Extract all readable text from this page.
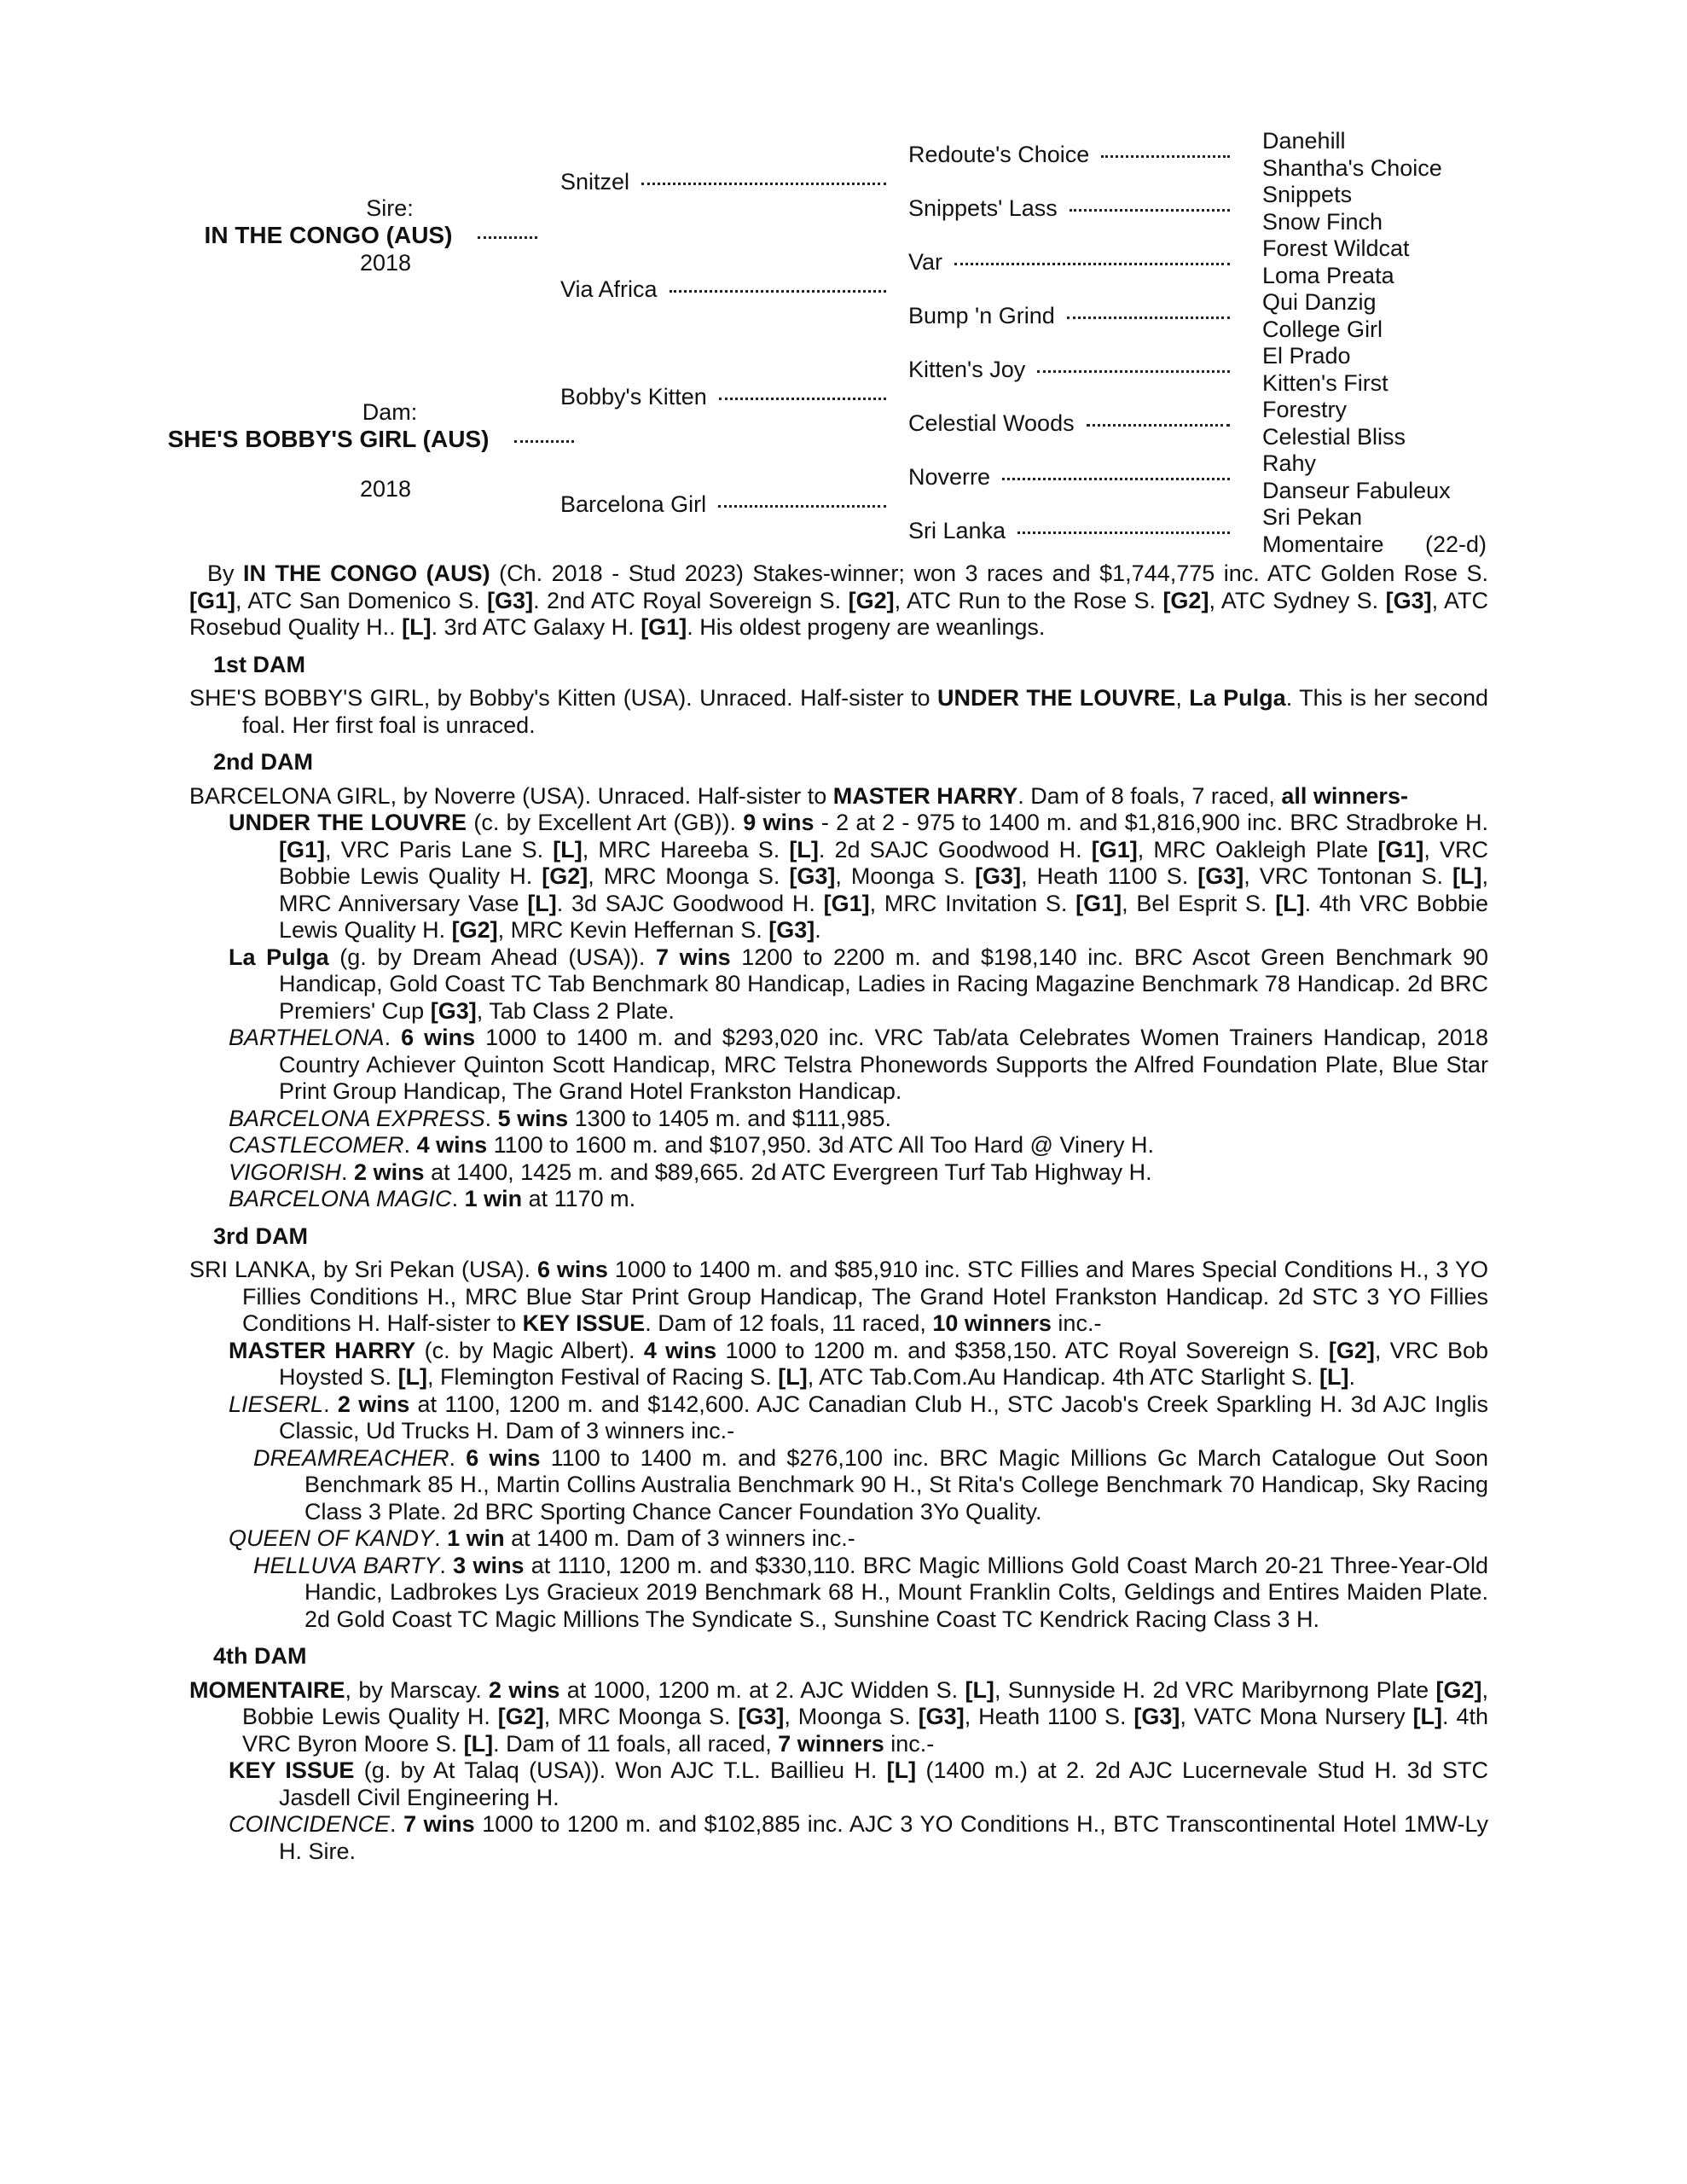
Sire:
IN THE CONGO (AUS)
2018
Dam:
SHE'S BOBBY'S GIRL (AUS)
2018
Snitzel
Via Africa
Bobby's Kitten
Barcelona Girl
Redoute's Choice
Snippets' Lass
Var
Bump 'n Grind
Kitten's Joy
Celestial Woods
Noverre
Sri Lanka
Danehill
Shantha's Choice
Snippets
Snow Finch
Forest Wildcat
Loma Preata
Qui Danzig
College Girl
El Prado
Kitten's First
Forestry
Celestial Bliss
Rahy
Danseur Fabuleux
Sri Pekan
Momentaire (22-d)

By IN THE CONGO (AUS) (Ch. 2018 - Stud 2023) Stakes-winner; won 3 races and $1,744,775 inc. ATC Golden Rose S. [G1], ATC San Domenico S. [G3]. 2nd ATC Royal Sovereign S. [G2], ATC Run to the Rose S. [G2], ATC Sydney S. [G3], ATC Rosebud Quality H.. [L]. 3rd ATC Galaxy H. [G1]. His oldest progeny are weanlings.

1st DAM

SHE'S BOBBY'S GIRL, by Bobby's Kitten (USA). Unraced. Half-sister to UNDER THE LOUVRE, La Pulga. This is her second foal. Her first foal is unraced.

2nd DAM

BARCELONA GIRL, by Noverre (USA). Unraced. Half-sister to MASTER HARRY. Dam of 8 foals, 7 raced, all winners-

UNDER THE LOUVRE (c. by Excellent Art (GB)). 9 wins - 2 at 2 - 975 to 1400 m. and $1,816,900 inc. BRC Stradbroke H. [G1], VRC Paris Lane S. [L], MRC Hareeba S. [L]. 2d SAJC Goodwood H. [G1], MRC Oakleigh Plate [G1], VRC Bobbie Lewis Quality H. [G2], MRC Moonga S. [G3], Moonga S. [G3], Heath 1100 S. [G3], VRC Tontonan S. [L], MRC Anniversary Vase [L]. 3d SAJC Goodwood H. [G1], MRC Invitation S. [G1], Bel Esprit S. [L]. 4th VRC Bobbie Lewis Quality H. [G2], MRC Kevin Heffernan S. [G3].

La Pulga (g. by Dream Ahead (USA)). 7 wins 1200 to 2200 m. and $198,140 inc. BRC Ascot Green Benchmark 90 Handicap, Gold Coast TC Tab Benchmark 80 Handicap, Ladies in Racing Magazine Benchmark 78 Handicap. 2d BRC Premiers' Cup [G3], Tab Class 2 Plate.

BARTHELONA. 6 wins 1000 to 1400 m. and $293,020 inc. VRC Tab/ata Celebrates Women Trainers Handicap, 2018 Country Achiever Quinton Scott Handicap, MRC Telstra Phonewords Supports the Alfred Foundation Plate, Blue Star Print Group Handicap, The Grand Hotel Frankston Handicap.

BARCELONA EXPRESS. 5 wins 1300 to 1405 m. and $111,985.

CASTLECOMER. 4 wins 1100 to 1600 m. and $107,950. 3d ATC All Too Hard @ Vinery H.

VIGORISH. 2 wins at 1400, 1425 m. and $89,665. 2d ATC Evergreen Turf Tab Highway H.

BARCELONA MAGIC. 1 win at 1170 m.

3rd DAM

SRI LANKA, by Sri Pekan (USA). 6 wins 1000 to 1400 m. and $85,910 inc. STC Fillies and Mares Special Conditions H., 3 YO Fillies Conditions H., MRC Blue Star Print Group Handicap, The Grand Hotel Frankston Handicap. 2d STC 3 YO Fillies Conditions H. Half-sister to KEY ISSUE. Dam of 12 foals, 11 raced, 10 winners inc.-

MASTER HARRY (c. by Magic Albert). 4 wins 1000 to 1200 m. and $358,150. ATC Royal Sovereign S. [G2], VRC Bob Hoysted S. [L], Flemington Festival of Racing S. [L], ATC Tab.Com.Au Handicap. 4th ATC Starlight S. [L].

LIESERL. 2 wins at 1100, 1200 m. and $142,600. AJC Canadian Club H., STC Jacob's Creek Sparkling H. 3d AJC Inglis Classic, Ud Trucks H. Dam of 3 winners inc.-

DREAMREACHER. 6 wins 1100 to 1400 m. and $276,100 inc. BRC Magic Millions Gc March Catalogue Out Soon Benchmark 85 H., Martin Collins Australia Benchmark 90 H., St Rita's College Benchmark 70 Handicap, Sky Racing Class 3 Plate. 2d BRC Sporting Chance Cancer Foundation 3Yo Quality.

QUEEN OF KANDY. 1 win at 1400 m. Dam of 3 winners inc.-

HELLUVA BARTY. 3 wins at 1110, 1200 m. and $330,110. BRC Magic Millions Gold Coast March 20-21 Three-Year-Old Handic, Ladbrokes Lys Gracieux 2019 Benchmark 68 H., Mount Franklin Colts, Geldings and Entires Maiden Plate. 2d Gold Coast TC Magic Millions The Syndicate S., Sunshine Coast TC Kendrick Racing Class 3 H.

4th DAM

MOMENTAIRE, by Marscay. 2 wins at 1000, 1200 m. at 2. AJC Widden S. [L], Sunnyside H. 2d VRC Maribyrnong Plate [G2], Bobbie Lewis Quality H. [G2], MRC Moonga S. [G3], Moonga S. [G3], Heath 1100 S. [G3], VATC Mona Nursery [L]. 4th VRC Byron Moore S. [L]. Dam of 11 foals, all raced, 7 winners inc.-

KEY ISSUE (g. by At Talaq (USA)). Won AJC T.L. Baillieu H. [L] (1400 m.) at 2. 2d AJC Lucernevale Stud H. 3d STC Jasdell Civil Engineering H.

COINCIDENCE. 7 wins 1000 to 1200 m. and $102,885 inc. AJC 3 YO Conditions H., BTC Transcontinental Hotel 1MW-Ly H. Sire.
